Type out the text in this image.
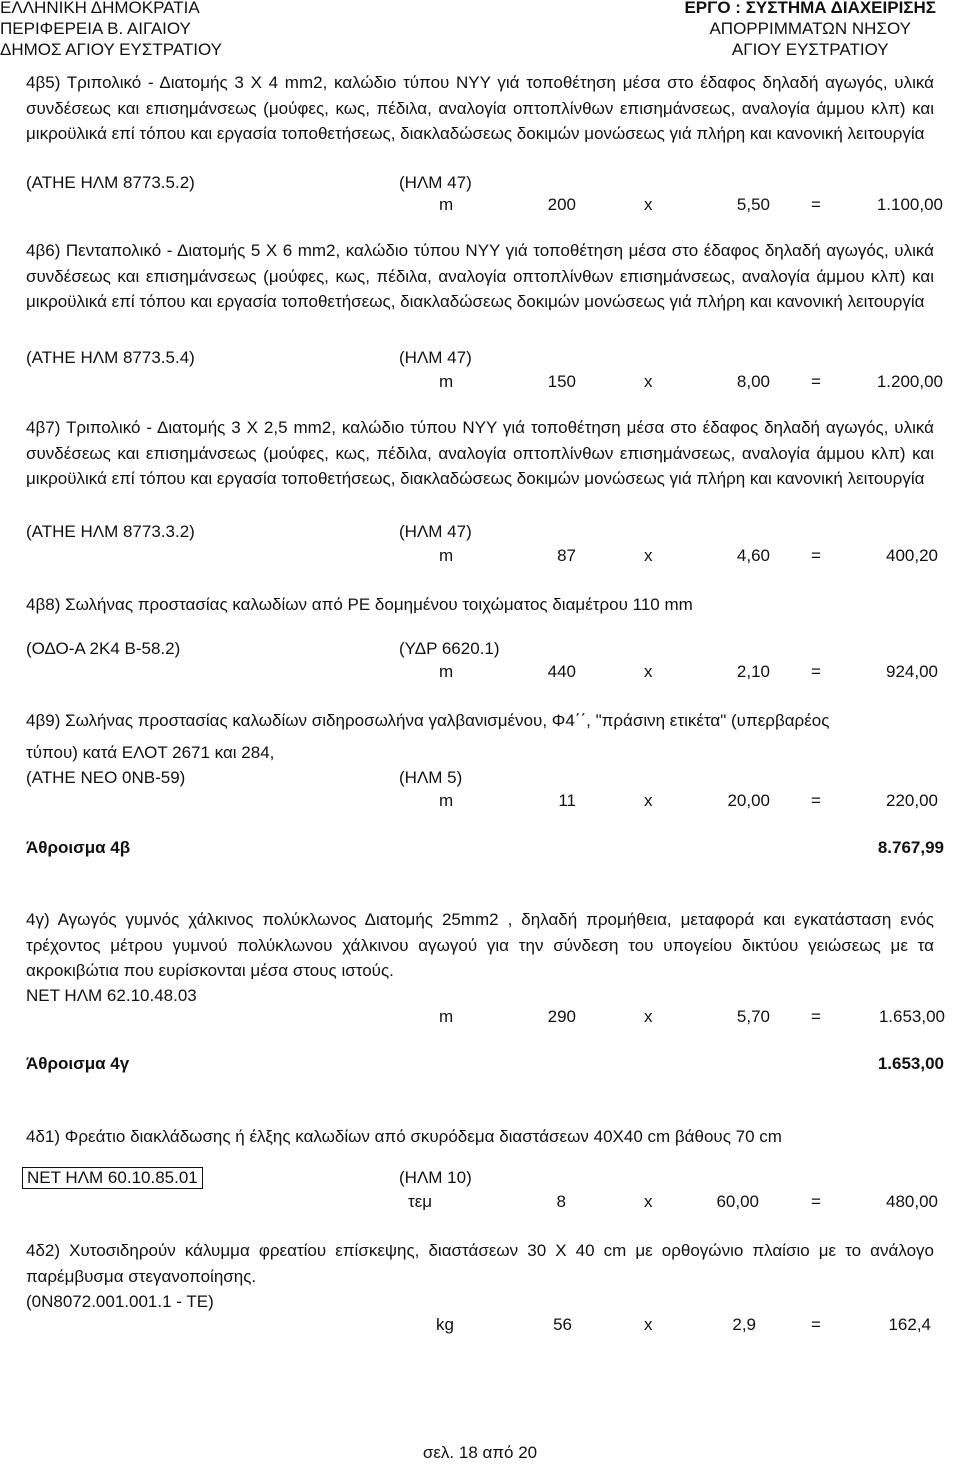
ΕΛΛΗΝΙΚΗ ΔΗΜΟΚΡΑΤΙΑ
ΠΕΡΙΦΕΡΕΙΑ Β. ΑΙΓΑΙΟΥ
ΔΗΜΟΣ ΑΓΙΟΥ ΕΥΣΤΡΑΤΙΟΥ
ΕΡΓΟ : ΣΥΣΤΗΜΑ ΔΙΑΧΕΙΡΙΣΗΣ
ΑΠΟΡΡΙΜΜΑΤΩΝ ΝΗΣΟΥ
ΑΓΙΟΥ ΕΥΣΤΡΑΤΙΟΥ
4β5) Τριπολικό - Διατομής 3 Χ 4 mm2, καλώδιο τύπου ΝΥΥ γιά τοποθέτηση μέσα στο έδαφος δηλαδή αγωγός, υλικά συνδέσεως και επισημάνσεως (μούφες, κως, πέδιλα, αναλογία οπτοπλίνθων επισημάνσεως, αναλογία άμμου κλπ) και μικροϋλικά επί τόπου και εργασία τοποθετήσεως, διακλαδώσεως δοκιμών μονώσεως γιά πλήρη και κανονική λειτουργία
(ΑΤΗΕ ΗΛΜ 8773.5.2)	(ΗΛΜ 47)
m	200	x	5,50 =	1.100,00
4β6) Πενταπολικό - Διατομής 5 Χ 6 mm2, καλώδιο τύπου ΝΥΥ γιά τοποθέτηση μέσα στο έδαφος δηλαδή αγωγός, υλικά συνδέσεως και επισημάνσεως (μούφες, κως, πέδιλα, αναλογία οπτοπλίνθων επισημάνσεως, αναλογία άμμου κλπ) και μικροϋλικά επί τόπου και εργασία τοποθετήσεως, διακλαδώσεως δοκιμών μονώσεως γιά πλήρη και κανονική λειτουργία
(ΑΤΗΕ ΗΛΜ 8773.5.4)	(ΗΛΜ 47)
m	150	x	8,00 =	1.200,00
4β7) Τριπολικό - Διατομής 3 Χ 2,5 mm2, καλώδιο τύπου ΝΥΥ γιά τοποθέτηση μέσα στο έδαφος δηλαδή αγωγός, υλικά συνδέσεως και επισημάνσεως (μούφες, κως, πέδιλα, αναλογία οπτοπλίνθων επισημάνσεως, αναλογία άμμου κλπ) και μικροϋλικά επί τόπου και εργασία τοποθετήσεως, διακλαδώσεως δοκιμών μονώσεως γιά πλήρη και κανονική λειτουργία
(ΑΤΗΕ ΗΛΜ 8773.3.2)	(ΗΛΜ 47)
m	87	x	4,60 =	400,20
4β8) Σωλήνας προστασίας καλωδίων από PE δομημένου τοιχώματος διαμέτρου 110 mm
(ΟΔΟ-Α 2Κ4 Β-58.2)	(ΥΔΡ 6620.1)
m	440	x	2,10 =	924,00
4β9) Σωλήνας προστασίας καλωδίων σιδηροσωλήνα γαλβανισμένου, Φ4΄΄, "πράσινη ετικέτα" (υπερβαρέος
τύπου) κατά ΕΛΟΤ 2671 και 284,
(ΑΤΗΕ ΝΕΟ 0ΝΒ-59)	(ΗΛΜ 5)
m	11	x	20,00 =	220,00
Άθροισμα 4β	8.767,99
4γ) Αγωγός γυμνός χάλκινος πολύκλωνος Διατομής 25mm2 , δηλαδή προμήθεια, μεταφορά και εγκατάσταση ενός τρέχοντος μέτρου γυμνού πολύκλωνου χάλκινου αγωγού για την σύνδεση του υπογείου δικτύου γειώσεως με τα ακροκιβώτια που ευρίσκονται μέσα στους ιστούς.
ΝΕΤ ΗΛΜ 62.10.48.03
m	290	x	5,70 =	1.653,00
Άθροισμα 4γ	1.653,00
4δ1) Φρεάτιο διακλάδωσης ή έλξης καλωδίων από σκυρόδεμα διαστάσεων 40Χ40 cm βάθους 70 cm
ΝΕΤ ΗΛΜ 60.10.85.01	(ΗΛΜ 10)
τεμ	8	x	60,00	=	480,00
4δ2) Χυτοσιδηρούν κάλυμμα φρεατίου επίσκεψης, διαστάσεων 30 Χ 40 cm με ορθογώνιο πλαίσιο με το ανάλογο παρέμβυσμα στεγανοποίησης.
(0Ν8072.001.001.1 - ΤΕ)
kg	56	x	2,9	=	162,4
σελ. 18 από 20
